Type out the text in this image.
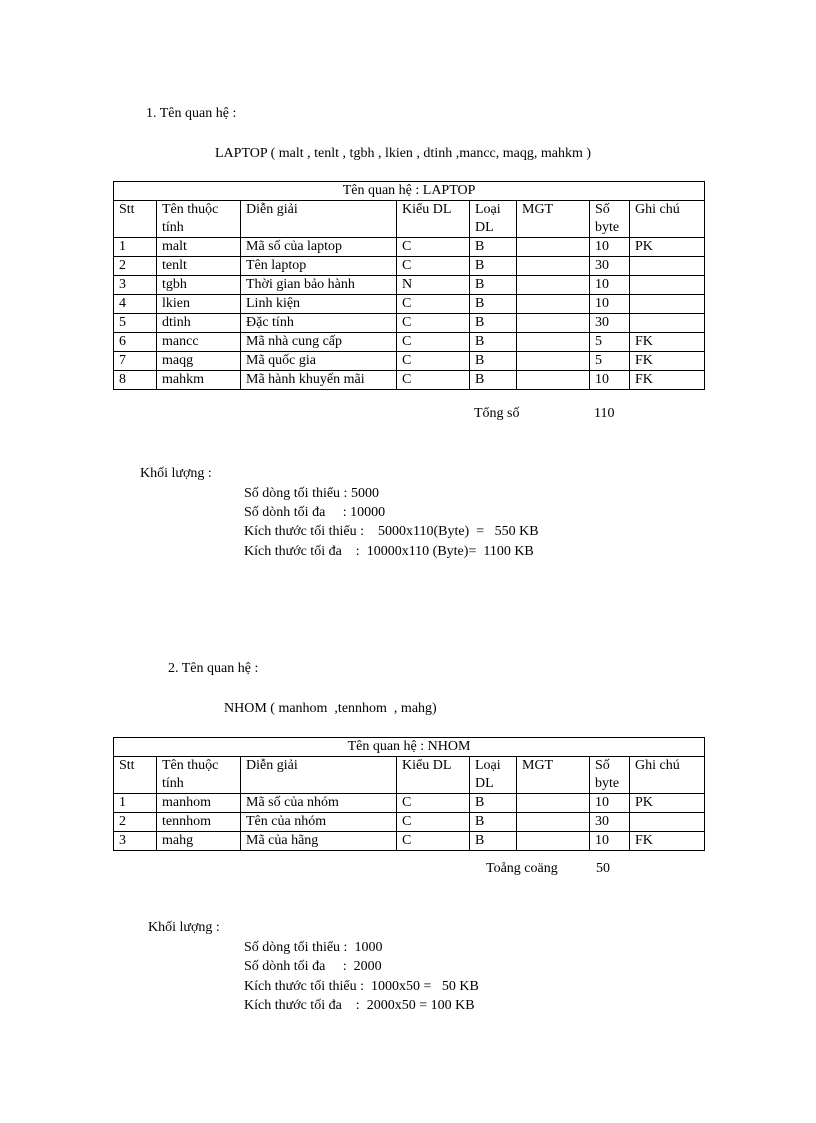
1. Tên quan hệ :
LAPTOP ( malt , tenlt , tgbh , lkien , dtinh ,mancc, maqg, mahkm )
Tên quan hệ : LAPTOP							
Stt	Tên thuộc tính	Diễn giải	Kiểu DL	Loại DL	MGT	Số byte	Ghi chú
1	malt	Mã số của laptop	C	B		10	PK
2	tenlt	Tên laptop	C	B		30	
3	tgbh	Thời gian bảo hành	N	B		10	
4	lkien	Linh kiện	C	B		10	
5	dtinh	Đặc tính	C	B		30	
6	mancc	Mã nhà cung cấp	C	B		5	FK
7	maqg	Mã quốc gia	C	B		5	FK
8	mahkm	Mã hành khuyến mãi	C	B		10	FK
Tổng số	110
Khối lượng :
Số dòng tối thiểu : 5000
Số dònh tối đa     : 10000
Kích thước tối thiểu :    5000x110(Byte)  =   550 KB
Kích thước tối đa    :  10000x110 (Byte)=  1100 KB
2. Tên quan hệ :
NHOM ( manhom  ,tennhom  , mahg)
Tên quan hệ : NHOM							
Stt	Tên thuộc tính	Diễn giải	Kiểu DL	Loại DL	MGT	Số byte	Ghi chú
1	manhom	Mã số của nhóm	C	B		10	PK
2	tennhom	Tên của nhóm	C	B		30	
3	mahg	Mã của hãng	C	B		10	FK
Toång coäng	50
Khối lượng :
Số dòng tối thiểu :  1000
Số dònh tối đa     :  2000
Kích thước tối thiểu :  1000x50 =   50 KB
Kích thước tối đa    :  2000x50 = 100 KB
